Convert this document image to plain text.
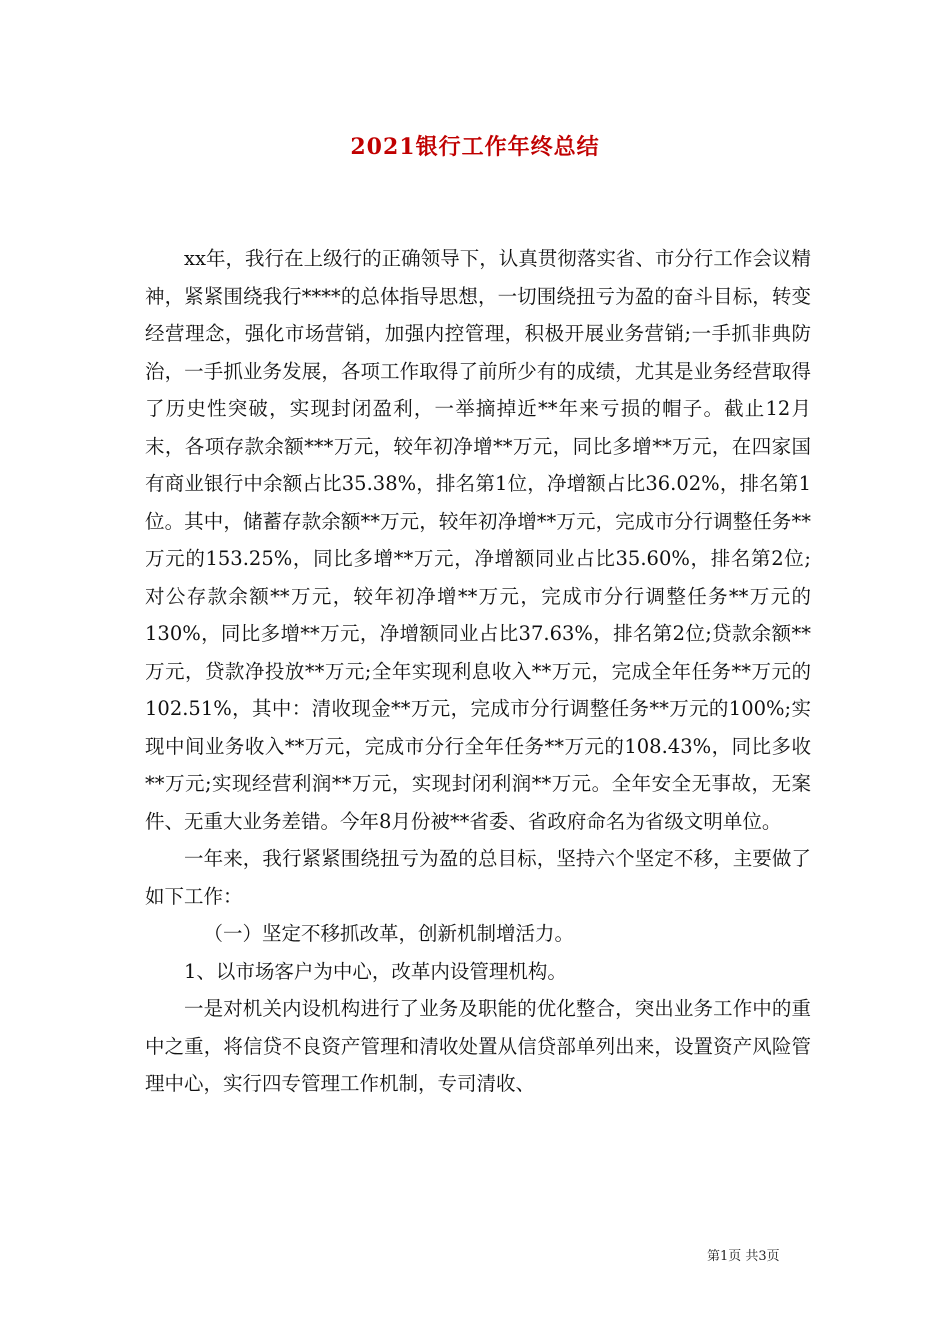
2021银行工作年终总结

xx年，我行在上级行的正确领导下，认真贯彻落实省、市分行工作会议精神，紧紧围绕我行****的总体指导思想，一切围绕扭亏为盈的奋斗目标，转变经营理念，强化市场营销，加强内控管理，积极开展业务营销;一手抓非典防治，一手抓业务发展，各项工作取得了前所少有的成绩，尤其是业务经营取得了历史性突破，实现封闭盈利，一举摘掉近**年来亏损的帽子。截止12月末，各项存款余额***万元，较年初净增**万元，同比多增**万元，在四家国有商业银行中余额占比35.38%，排名第1位，净增额占比36.02%，排名第1位。其中，储蓄存款余额**万元，较年初净增**万元，完成市分行调整任务**万元的153.25%，同比多增**万元，净增额同业占比35.60%，排名第2位;对公存款余额**万元，较年初净增**万元，完成市分行调整任务**万元的130%，同比多增**万元，净增额同业占比37.63%，排名第2位;贷款余额**万元，贷款净投放**万元;全年实现利息收入**万元，完成全年任务**万元的102.51%，其中：清收现金**万元，完成市分行调整任务**万元的100%;实现中间业务收入**万元，完成市分行全年任务**万元的108.43%，同比多收**万元;实现经营利润**万元，实现封闭利润**万元。全年安全无事故，无案件、无重大业务差错。今年8月份被**省委、省政府命名为省级文明单位。

一年来，我行紧紧围绕扭亏为盈的总目标，坚持六个坚定不移，主要做了如下工作：

（一）坚定不移抓改革，创新机制增活力。

1、以市场客户为中心，改革内设管理机构。

一是对机关内设机构进行了业务及职能的优化整合，突出业务工作中的重中之重，将信贷不良资产管理和清收处置从信贷部单列出来，设置资产风险管理中心，实行四专管理工作机制，专司清收、

第1页 共3页
